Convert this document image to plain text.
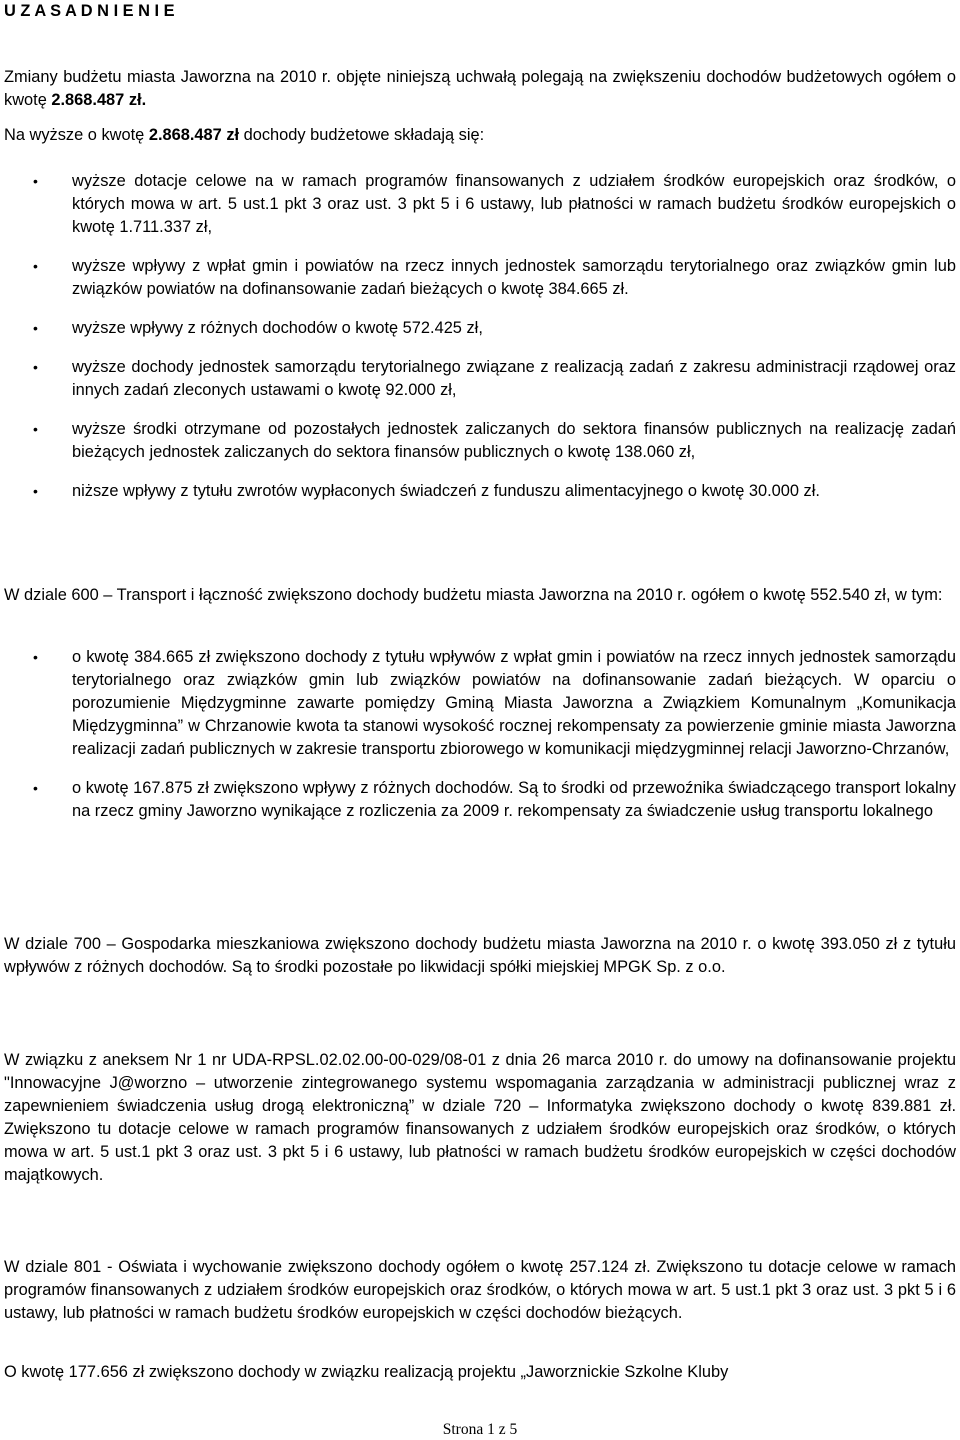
U Z A S A D N I E N I E

Zmiany budżetu miasta Jaworzna na 2010 r. objęte niniejszą uchwałą polegają na zwiększeniu dochodów budżetowych ogółem o kwotę 2.868.487 zł.

Na wyższe o kwotę 2.868.487 zł dochody budżetowe składają się:

• wyższe dotacje celowe na w ramach programów finansowanych z udziałem środków europejskich oraz środków, o których mowa w art. 5 ust.1 pkt 3 oraz ust. 3 pkt 5 i 6 ustawy, lub płatności w ramach budżetu środków europejskich o kwotę 1.711.337 zł,
• wyższe wpływy z wpłat gmin i powiatów na rzecz innych jednostek samorządu terytorialnego oraz związków gmin lub związków powiatów na dofinansowanie zadań bieżących o kwotę 384.665 zł.
• wyższe wpływy z różnych dochodów o kwotę 572.425 zł,
• wyższe dochody jednostek samorządu terytorialnego związane z realizacją zadań z zakresu administracji rządowej oraz innych zadań zleconych ustawami o kwotę 92.000 zł,
• wyższe środki otrzymane od pozostałych jednostek zaliczanych do sektora finansów publicznych na realizację zadań bieżących jednostek zaliczanych do sektora finansów publicznych o kwotę 138.060 zł,
• niższe wpływy z tytułu zwrotów wypłaconych świadczeń z funduszu alimentacyjnego o kwotę 30.000 zł.

W dziale 600 – Transport i łączność zwiększono dochody budżetu miasta Jaworzna na 2010 r. ogółem o kwotę 552.540 zł, w tym:

• o kwotę 384.665 zł zwiększono dochody z tytułu wpływów z wpłat gmin i powiatów na rzecz innych jednostek samorządu terytorialnego oraz związków gmin lub związków powiatów na dofinansowanie zadań bieżących. W oparciu o porozumienie Międzygminne zawarte pomiędzy Gminą Miasta Jaworzna a Związkiem Komunalnym „Komunikacja Międzygminna” w Chrzanowie kwota ta stanowi wysokość rocznej rekompensaty za powierzenie gminie miasta Jaworzna realizacji zadań publicznych w zakresie transportu zbiorowego w komunikacji międzygminnej relacji Jaworzno-Chrzanów,
• o kwotę 167.875 zł zwiększono wpływy z różnych dochodów. Są to środki od przewoźnika świadczącego transport lokalny na rzecz gminy Jaworzno wynikające z rozliczenia za 2009 r. rekompensaty za świadczenie usług transportu lokalnego

W dziale 700 – Gospodarka mieszkaniowa zwiększono dochody budżetu miasta Jaworzna na 2010 r. o kwotę 393.050 zł z tytułu wpływów z różnych dochodów. Są to środki pozostałe po likwidacji spółki miejskiej MPGK Sp. z o.o.

W związku z aneksem Nr 1 nr UDA-RPSL.02.02.00-00-029/08-01 z dnia 26 marca 2010 r. do umowy na dofinansowanie projektu "Innowacyjne J@worzno – utworzenie zintegrowanego systemu wspomagania zarządzania w administracji publicznej wraz z zapewnieniem świadczenia usług drogą elektroniczną” w dziale 720 – Informatyka zwiększono dochody o kwotę 839.881 zł. Zwiększono tu dotacje celowe w ramach programów finansowanych z udziałem środków europejskich oraz środków, o których mowa w art. 5 ust.1 pkt 3 oraz ust. 3 pkt 5 i 6 ustawy, lub płatności w ramach budżetu środków europejskich w części dochodów majątkowych.

W dziale 801 - Oświata i wychowanie zwiększono dochody ogółem o kwotę 257.124 zł. Zwiększono tu dotacje celowe w ramach programów finansowanych z udziałem środków europejskich oraz środków, o których mowa w art. 5 ust.1 pkt 3 oraz ust. 3 pkt 5 i 6 ustawy, lub płatności w ramach budżetu środków europejskich w części dochodów bieżących.

O kwotę 177.656 zł zwiększono dochody w związku realizacją projektu „Jaworznickie Szkolne Kluby

Strona 1 z 5
